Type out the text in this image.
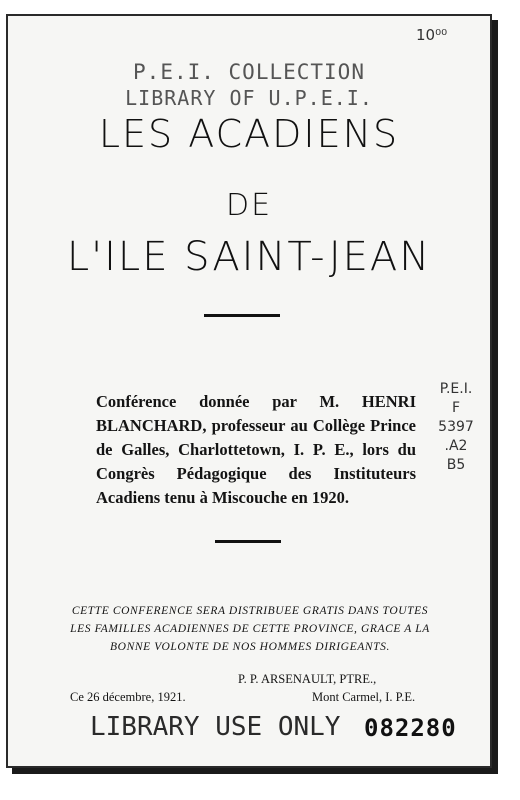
10⁰⁰
P.E.I. COLLECTION
LIBRARY OF U.P.E.I.
LES ACADIENS
DE
L'ILE SAINT-JEAN
Conférence donnée par M. HENRI BLANCHARD, professeur au Collège Prince de Galles, Charlottetown, I. P. E., lors du Congrès Pédagogique des Instituteurs Acadiens tenu à Miscouche en 1920.
P.E.I.
F
5397
.A2
B5
CETTE CONFERENCE SERA DISTRIBUEE GRATIS DANS TOUTES LES FAMILLES ACADIENNES DE CETTE PROVINCE, GRACE A LA BONNE VOLONTE DE NOS HOMMES DIRIGEANTS.
P. P. ARSENAULT, PTRE.,
Ce 26 décembre, 1921.	Mont Carmel, I. P.E.
LIBRARY USE ONLY 082280
